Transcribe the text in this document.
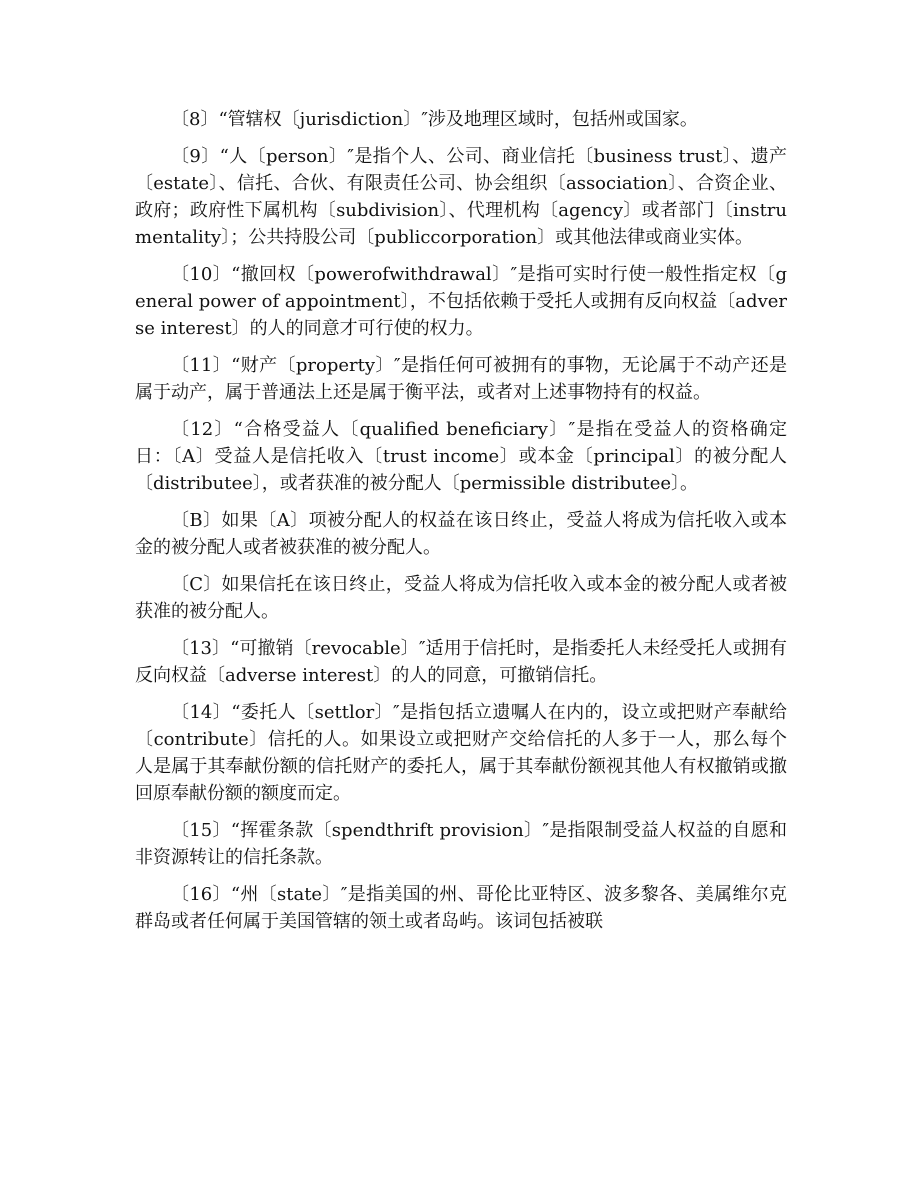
〔8〕“管辖权〔jurisdiction〕″涉及地理区域时，包括州或国家。

〔9〕“人〔person〕″是指个人、公司、商业信托〔business trust〕、遗产〔estate〕、信托、合伙、有限责任公司、协会组织〔association〕、合资企业、政府；政府性下属机构〔subdivision〕、代理机构〔agency〕或者部门〔instrumentality〕；公共持股公司〔publiccorporation〕或其他法律或商业实体。

〔10〕“撤回权〔powerofwithdrawal〕″是指可实时行使一般性指定权〔general power of appointment〕，不包括依赖于受托人或拥有反向权益〔adverse interest〕的人的同意才可行使的权力。

〔11〕“财产〔property〕″是指任何可被拥有的事物，无论属于不动产还是属于动产，属于普通法上还是属于衡平法，或者对上述事物持有的权益。

〔12〕“合格受益人〔qualified beneficiary〕″是指在受益人的资格确定日：〔A〕受益人是信托收入〔trust income〕或本金〔principal〕的被分配人〔distributee〕，或者获准的被分配人〔permissible distributee〕。

〔B〕如果〔A〕项被分配人的权益在该日终止，受益人将成为信托收入或本金的被分配人或者被获准的被分配人。

〔C〕如果信托在该日终止，受益人将成为信托收入或本金的被分配人或者被获准的被分配人。

〔13〕“可撤销〔revocable〕″适用于信托时，是指委托人未经受托人或拥有反向权益〔adverse interest〕的人的同意，可撤销信托。

〔14〕“委托人〔settlor〕″是指包括立遗嘱人在内的，设立或把财产奉献给〔contribute〕信托的人。如果设立或把财产交给信托的人多于一人，那么每个人是属于其奉献份额的信托财产的委托人，属于其奉献份额视其他人有权撤销或撤回原奉献份额的额度而定。

〔15〕“挥霍条款〔spendthrift provision〕″是指限制受益人权益的自愿和非资源转让的信托条款。

〔16〕“州〔state〕″是指美国的州、哥伦比亚特区、波多黎各、美属维尔克群岛或者任何属于美国管辖的领土或者岛屿。该词包括被联
